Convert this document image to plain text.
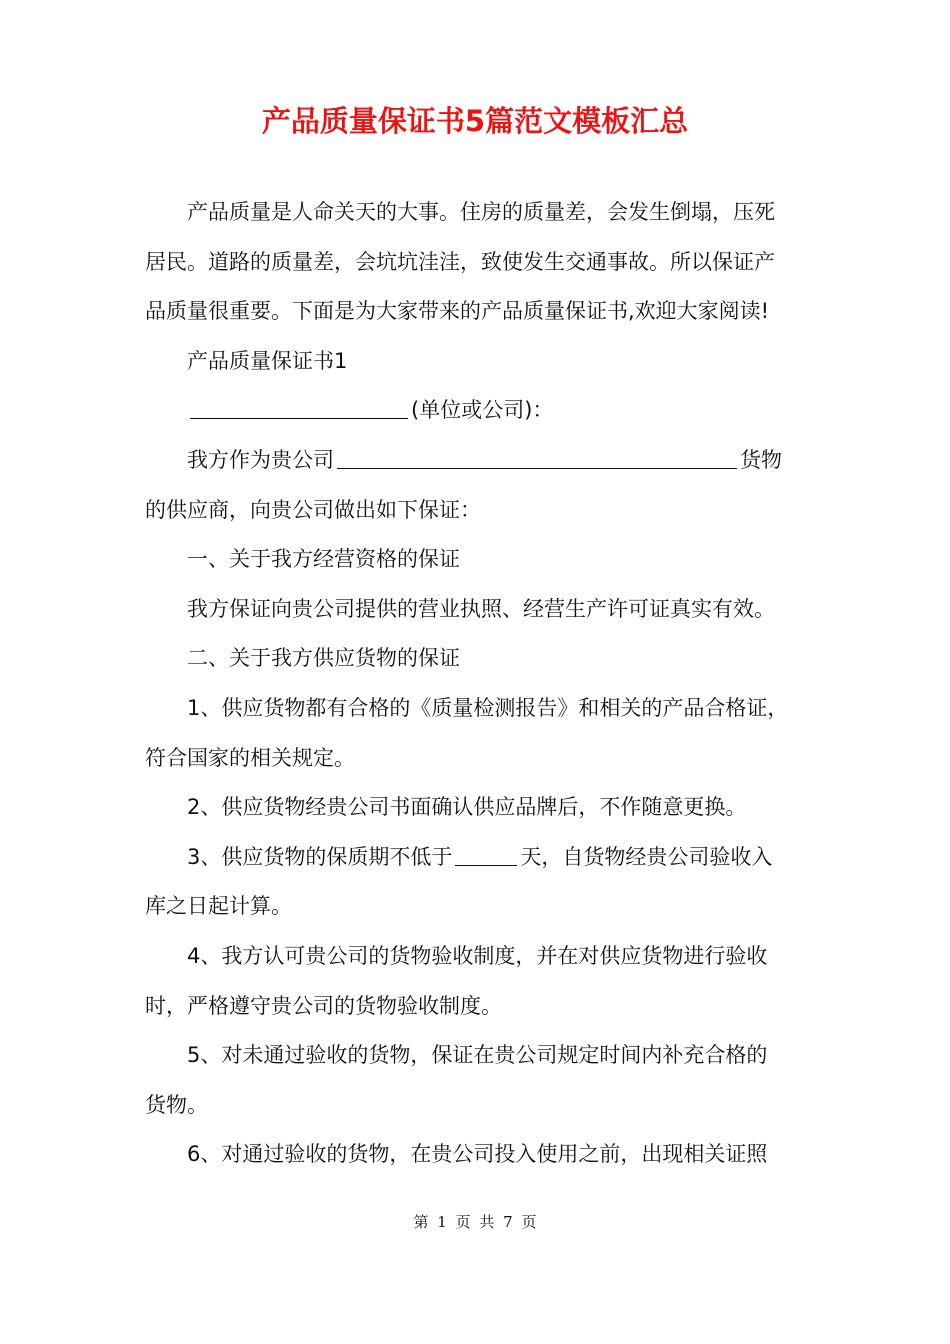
产品质量保证书5篇范文模板汇总

产品质量是人命关天的大事。住房的质量差，会发生倒塌，压死
居民。道路的质量差，会坑坑洼洼，致使发生交通事故。所以保证产
品质量很重要。下面是为大家带来的产品质量保证书,欢迎大家阅读!

产品质量保证书1

(单位或公司)：

我方作为贵公司	货物
的供应商，向贵公司做出如下保证：

一、关于我方经营资格的保证

我方保证向贵公司提供的营业执照、经营生产许可证真实有效。

二、关于我方供应货物的保证

1、供应货物都有合格的《质量检测报告》和相关的产品合格证，
符合国家的相关规定。

2、供应货物经贵公司书面确认供应品牌后，不作随意更换。

3、供应货物的保质期不低于	天，自货物经贵公司验收入
库之日起计算。

4、我方认可贵公司的货物验收制度，并在对供应货物进行验收
时，严格遵守贵公司的货物验收制度。

5、对未通过验收的货物，保证在贵公司规定时间内补充合格的
货物。

6、对通过验收的货物，在贵公司投入使用之前，出现相关证照

第 1 页 共 7 页
